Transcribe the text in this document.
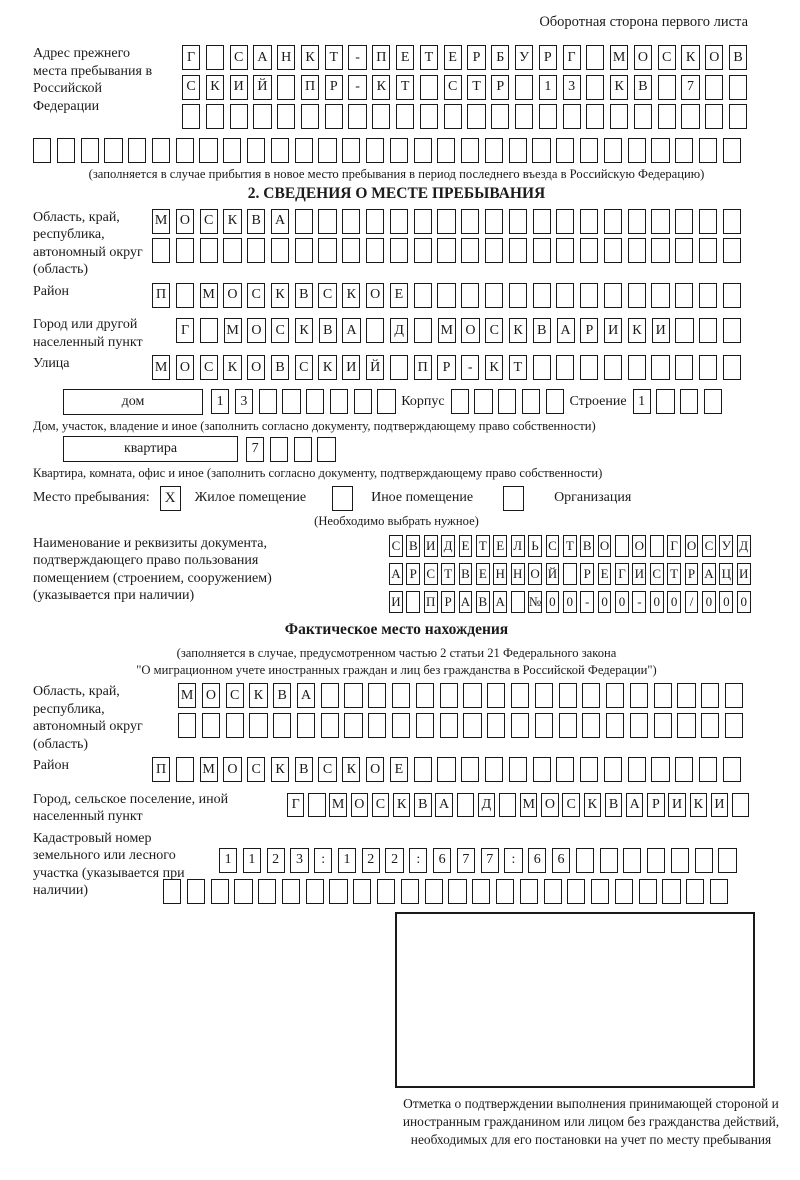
Оборотная сторона первого листа
Адрес прежнего места пребывания в Российской Федерации
Г	С	А Н	К	Т	-	П	Е	Т	Е	Р	Б	У	Р	Г	М О	С	К	О	В
С	К	И Й	П	Р	-	К	Т	С	Т	Р	1	3	К	В	7
(заполняется в случае прибытия в новое место пребывания в период последнего въезда в Российскую Федерацию)
2. СВЕДЕНИЯ О МЕСТЕ ПРЕБЫВАНИЯ
Область, край, республика, автономный округ (область)
М О	С	К	В	А
Район	П	М О	С	К	В	С	К	О	Е
Город или другой населенный пункт
Г	М О	С	К	В	А	Д	М О	С	К	В	А	Р	И	К	И
Улица	М О	С	К	О	В	С	К	И Й	П	Р	-	К	Т
дом	1	3	Корпус	Строение 1
Дом, участок, владение и иное (заполнить согласно документу, подтверждающему право собственности)
квартира	7
Квартира, комната, офис и иное (заполнить согласно документу, подтверждающему право собственности)
Место пребывания:	X	Жилое помещение	Иное помещение	Организация
(Необходимо выбрать нужное)
Наименование и реквизиты документа, подтверждающего право пользования помещением (строением, сооружением) (указывается при наличии)
С В И Д Е Т Е Л Ь С Т В О О Г О С У Д
А Р С Т В Е Н Н О Й Р Е Г И С Т Р А Ц И
И П Р А В А № 0 0 - 0 0 - 0 0 / 0 0 0
Фактическое место нахождения
(заполняется в случае, предусмотренном частью 2 статьи 21 Федерального закона
"О миграционном учете иностранных граждан и лиц без гражданства в Российской Федерации")
Область, край, республика, автономный округ (область)
М О	С	К	В	А
Район	П	М О	С	К	В	С	К	О	Е
Город, сельское поселение, иной населенный пункт
Г	М О С К В А Д М О С К В А Р И К И
Кадастровый номер земельного или лесного участка (указывается при наличии)
1	1	2	3	:	1	2	2	:	6	7	7	:	6	6
Отметка о подтверждении выполнения принимающей стороной и иностранным гражданином или лицом без гражданства действий, необходимых для его постановки на учет по месту пребывания
